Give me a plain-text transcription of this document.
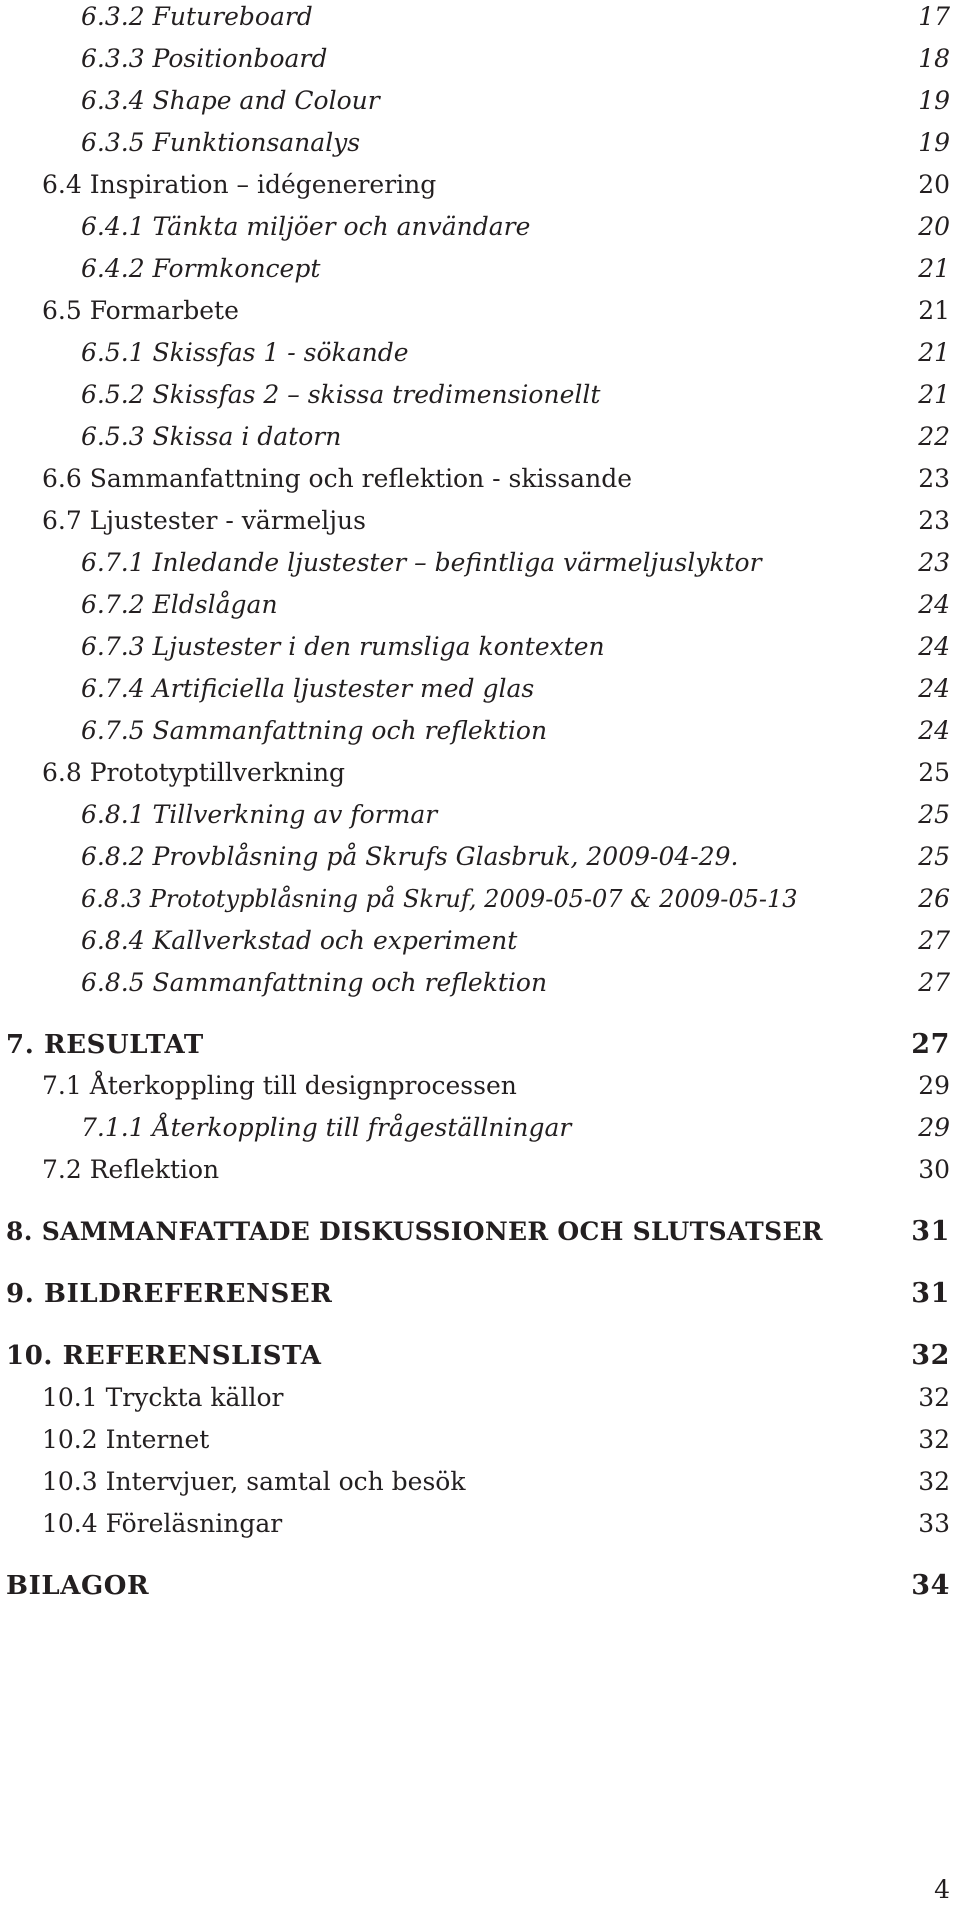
6.3.2 Futureboard	17
6.3.3 Positionboard	18
6.3.4 Shape and Colour	19
6.3.5 Funktionsanalys	19
6.4 Inspiration – idégenerering	20
6.4.1 Tänkta miljöer och användare	20
6.4.2 Formkoncept	21
6.5 Formarbete	21
6.5.1 Skissfas 1 - sökande	21
6.5.2 Skissfas 2 – skissa tredimensionellt	21
6.5.3 Skissa i datorn	22
6.6 Sammanfattning och reflektion - skissande	23
6.7 Ljustester - värmeljus	23
6.7.1 Inledande ljustester – befintliga värmeljuslyktor	23
6.7.2 Eldslågan	24
6.7.3 Ljustester i den rumsliga kontexten	24
6.7.4 Artificiella ljustester med glas	24
6.7.5 Sammanfattning och reflektion	24
6.8 Prototyptillverkning	25
6.8.1 Tillverkning av formar	25
6.8.2 Provblåsning på Skrufs Glasbruk, 2009-04-29.	25
6.8.3 Prototypblåsning på Skruf, 2009-05-07 & 2009-05-13	26
6.8.4 Kallverkstad och experiment	27
6.8.5 Sammanfattning och reflektion	27
7. RESULTAT	27
7.1 Återkoppling till designprocessen	29
7.1.1 Återkoppling till frågeställningar	29
7.2 Reflektion	30
8. SAMMANFATTADE DISKUSSIONER OCH SLUTSATSER	31
9. BILDREFERENSER	31
10. REFERENSLISTA	32
10.1 Tryckta källor	32
10.2 Internet	32
10.3 Intervjuer, samtal och besök	32
10.4 Föreläsningar	33
BILAGOR	34
4
